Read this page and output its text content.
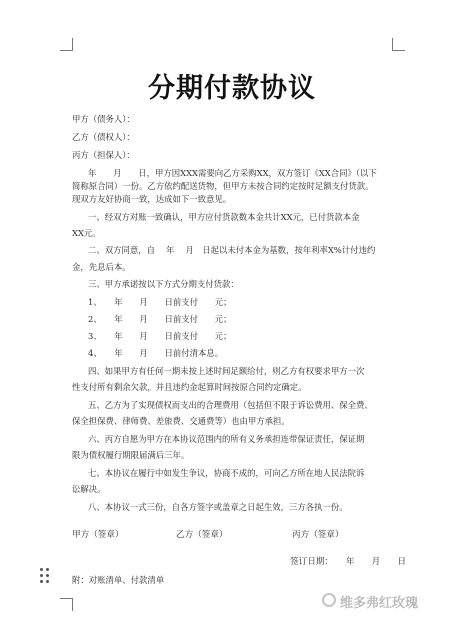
分期付款协议
甲方（债务人）：
乙方（债权人）：
丙方（担保人）：
年　　月　　日，甲方因XXX需要向乙方采购XX，双方签订《XX合同》（以下
简称原合同）一份。乙方依约配送货物，但甲方未按合同约定按时足额支付货款。
现双方友好协商一致，达成如下一致意见。
一、经双方对账一致确认，甲方应付货款数本金共计XX元，已付货款本金
XX元。
二、双方同意，自　 年　 月　日起以未付本金为基数，按年利率X%计付违约
金，先息后本。
三、甲方承诺按以下方式分期支付货款：
1、　　年　　月　　日前支付　　元；
2、　　年　　月　　日前支付　　元；
3、　　年　　月　　日前支付　　元；
4、　　年　　月　　日前付清本息。
四、如果甲方有任何一期未按上述时间足额给付，则乙方有权要求甲方一次
性支付所有剩余欠款，并且违约金起算时间按原合同约定确定。
五、乙方为了实现债权而支出的合理费用（包括但不限于诉讼费用、保全费、
保全担保费、律师费、差旅费、交通费等）也由甲方承担。
六、丙方自愿为甲方在本协议范围内的所有义务承担连带保证责任，保证期
限为债权履行期限届满后三年。
七、本协议在履行中如发生争议，协商不成的，可向乙方所在地人民法院诉
讼解决。
八、本协议一式三份，自各方签字或盖章之日起生效，三方各执一份。
甲方（签章）	乙方（签章）	丙方（签章）
签订日期：　　年　　月　　日
附：对账清单、付款清单
维多弗红玫瑰
